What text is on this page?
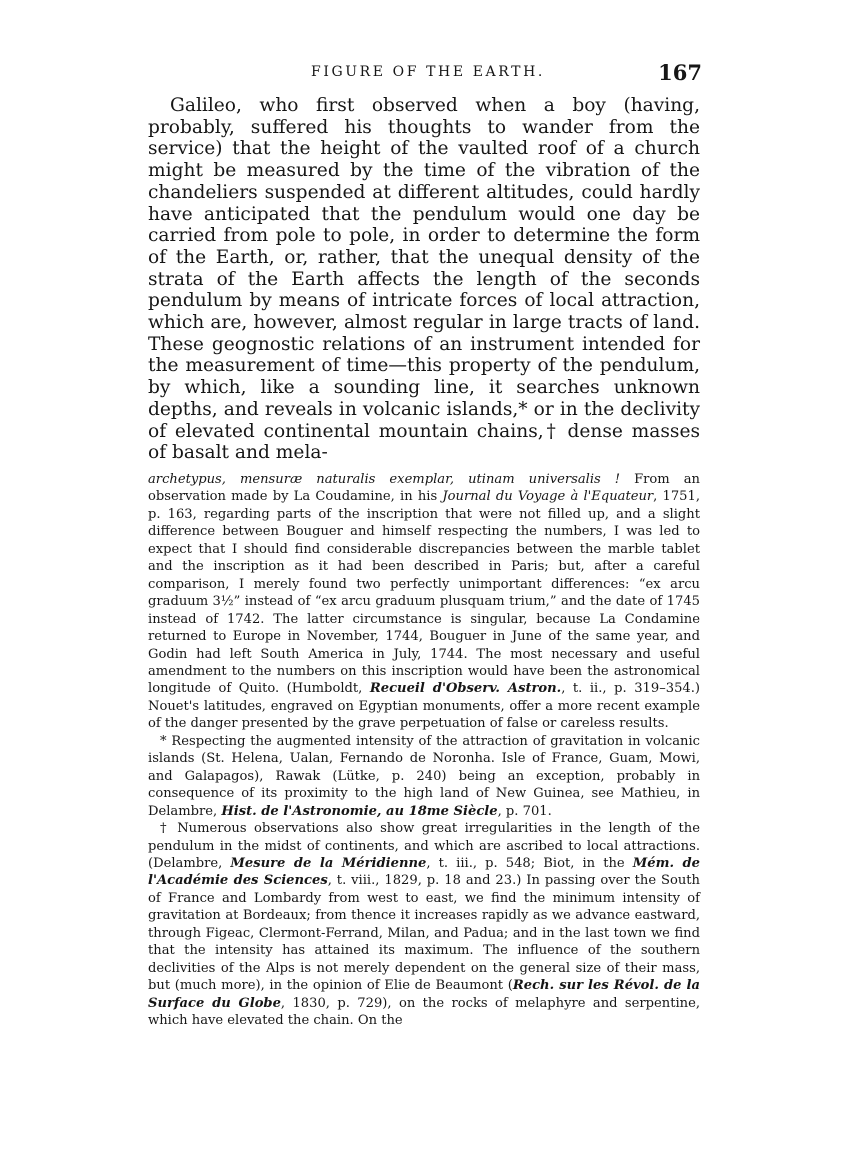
FIGURE OF THE EARTH.	167

Galileo, who first observed when a boy (having, probably, suffered his thoughts to wander from the service) that the height of the vaulted roof of a church might be measured by the time of the vibration of the chandeliers suspended at different altitudes, could hardly have anticipated that the pendulum would one day be carried from pole to pole, in order to determine the form of the Earth, or, rather, that the unequal density of the strata of the Earth affects the length of the seconds pendulum by means of intricate forces of local attraction, which are, however, almost regular in large tracts of land. These geognostic relations of an instrument intended for the measurement of time—this property of the pendulum, by which, like a sounding line, it searches unknown depths, and reveals in volcanic islands,* or in the declivity of elevated continental mountain chains,† dense masses of basalt and mela-

archetypus, mensuræ naturalis exemplar, utinam universalis ! From an observation made by La Coudamine, in his Journal du Voyage à l'Equateur, 1751, p. 163, regarding parts of the inscription that were not filled up, and a slight difference between Bouguer and himself respecting the numbers, I was led to expect that I should find considerable discrepancies between the marble tablet and the inscription as it had been described in Paris; but, after a careful comparison, I merely found two perfectly unimportant differences: “ex arcu graduum 3½” instead of “ex arcu graduum plusquam trium,” and the date of 1745 instead of 1742. The latter circumstance is singular, because La Condamine returned to Europe in November, 1744, Bouguer in June of the same year, and Godin had left South America in July, 1744. The most necessary and useful amendment to the numbers on this inscription would have been the astronomical longitude of Quito. (Humboldt, Recueil d'Observ. Astron., t. ii., p. 319–354.) Nouet's latitudes, engraved on Egyptian monuments, offer a more recent example of the danger presented by the grave perpetuation of false or careless results.

* Respecting the augmented intensity of the attraction of gravitation in volcanic islands (St. Helena, Ualan, Fernando de Noronha. Isle of France, Guam, Mowi, and Galapagos), Rawak (Lütke, p. 240) being an exception, probably in consequence of its proximity to the high land of New Guinea, see Mathieu, in Delambre, Hist. de l'Astronomie, au 18me Siècle, p. 701.

† Numerous observations also show great irregularities in the length of the pendulum in the midst of continents, and which are ascribed to local attractions. (Delambre, Mesure de la Méridienne, t. iii., p. 548; Biot, in the Mém. de l'Académie des Sciences, t. viii., 1829, p. 18 and 23.) In passing over the South of France and Lombardy from west to east, we find the minimum intensity of gravitation at Bordeaux; from thence it increases rapidly as we advance eastward, through Figeac, Clermont-Ferrand, Milan, and Padua; and in the last town we find that the intensity has attained its maximum. The influence of the southern declivities of the Alps is not merely dependent on the general size of their mass, but (much more), in the opinion of Elie de Beaumont (Rech. sur les Révol. de la Surface du Globe, 1830, p. 729), on the rocks of melaphyre and serpentine, which have elevated the chain. On the
